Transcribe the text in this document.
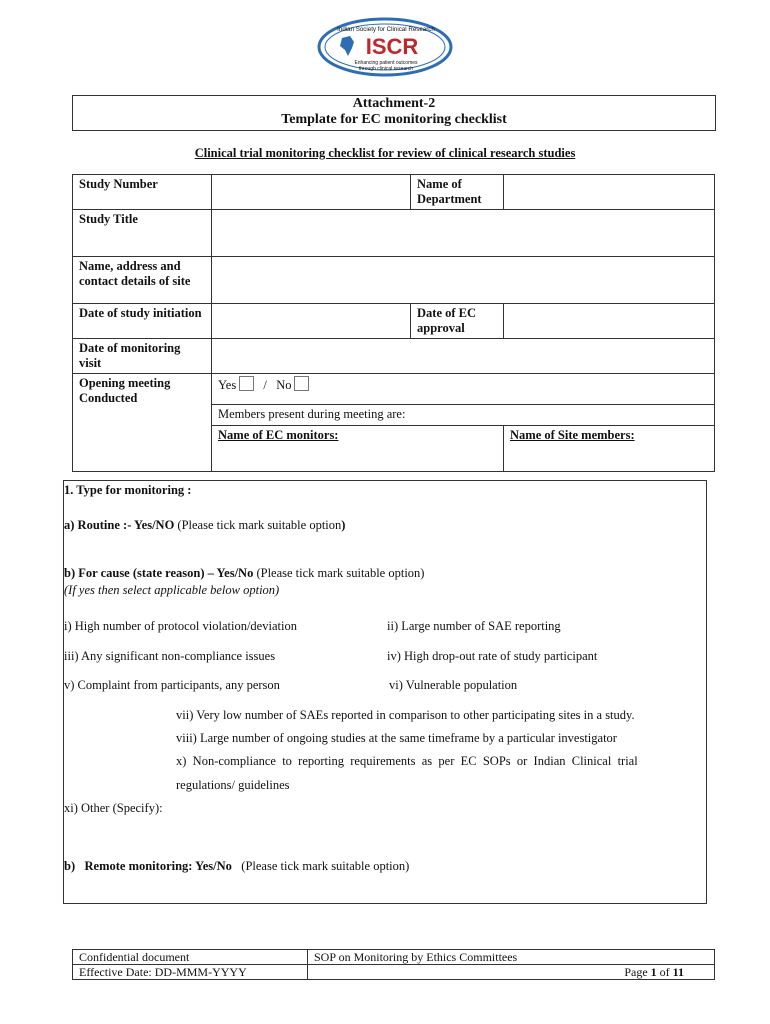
Indian Society for Clinical Research
ISCR
Enhancing patient outcomes
through clinical research
Attachment-2
Template for EC monitoring checklist
Clinical trial monitoring checklist for review of clinical research studies
Study Number		Name of Department	
Study Title			
Name, address and contact details of site			
Date of study initiation		Date of EC approval	
Date of monitoring visit			
Opening meeting Conducted	Yes / No		
	Members present during meeting are:		
	Name of EC monitors:		Name of Site members:
1. Type for monitoring :
a) Routine :- Yes/NO (Please tick mark suitable option)
b) For cause (state reason) – Yes/No (Please tick mark suitable option)
(If yes then select applicable below option)
i) High number of protocol violation/deviation	ii) Large number of SAE reporting
iii) Any significant non-compliance issues	iv) High drop-out rate of study participant
v) Complaint from participants, any person	vi) Vulnerable population
vii) Very low number of SAEs reported in comparison to other participating sites in a study.
viii) Large number of ongoing studies at the same timeframe by a particular investigator
x)  Non-compliance  to  reporting  requirements  as  per  EC  SOPs  or  Indian  Clinical  trial
regulations/ guidelines
xi) Other (Specify):
b)   Remote monitoring: Yes/No   (Please tick mark suitable option)
Confidential document	SOP on Monitoring by Ethics Committees
Effective Date: DD-MMM-YYYY	Page 1 of 11
